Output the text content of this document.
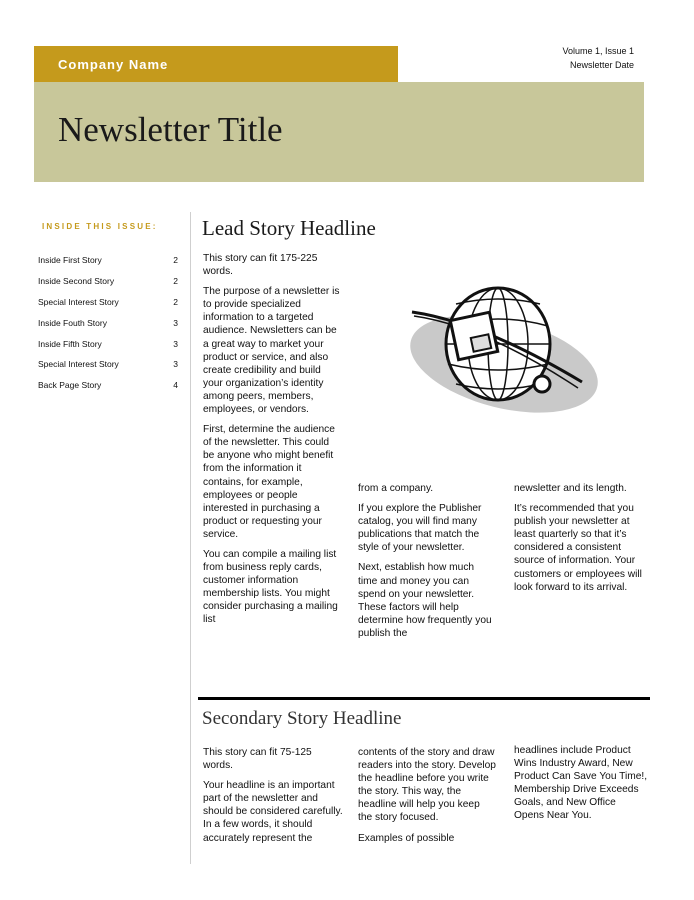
Company Name
Volume 1, Issue 1
Newsletter Date
Newsletter Title
INSIDE THIS ISSUE:
Inside First Story	2
Inside Second Story	2
Special Interest Story	2
Inside Fouth Story	3
Inside Fifth Story	3
Special Interest Story	3
Back Page Story	4
Lead Story Headline

This story can fit 175-225 words.

The purpose of a newsletter is to provide specialized information to a targeted audience. Newsletters can be a great way to market your product or service, and also create credibility and build your organization’s identity among peers, members, employees, or vendors.

First, determine the audience of the newsletter. This could be anyone who might benefit from the information it contains, for example, employees or people interested in purchasing a product or requesting your service.

You can compile a mailing list from business reply cards, customer information membership lists. You might consider purchasing a mailing list

from a company.

If you explore the Publisher catalog, you will find many publications that match the style of your newsletter.

Next, establish how much time and money you can spend on your newsletter. These factors will help determine how frequently you publish the

newsletter and its length.

It’s recommended that you publish your newsletter at least quarterly so that it’s considered a consistent source of information. Your customers or employees will look forward to its arrival.

Secondary Story Headline

This story can fit 75-125 words.

Your headline is an important part of the newsletter and should be considered carefully. In a few words, it should accurately represent the

contents of the story and draw readers into the story. Develop the headline before you write the story. This way, the headline will help you keep the story focused.

Examples of possible

headlines include Product Wins Industry Award, New Product Can Save You Time!, Membership Drive Exceeds Goals, and New Office Opens Near You.
